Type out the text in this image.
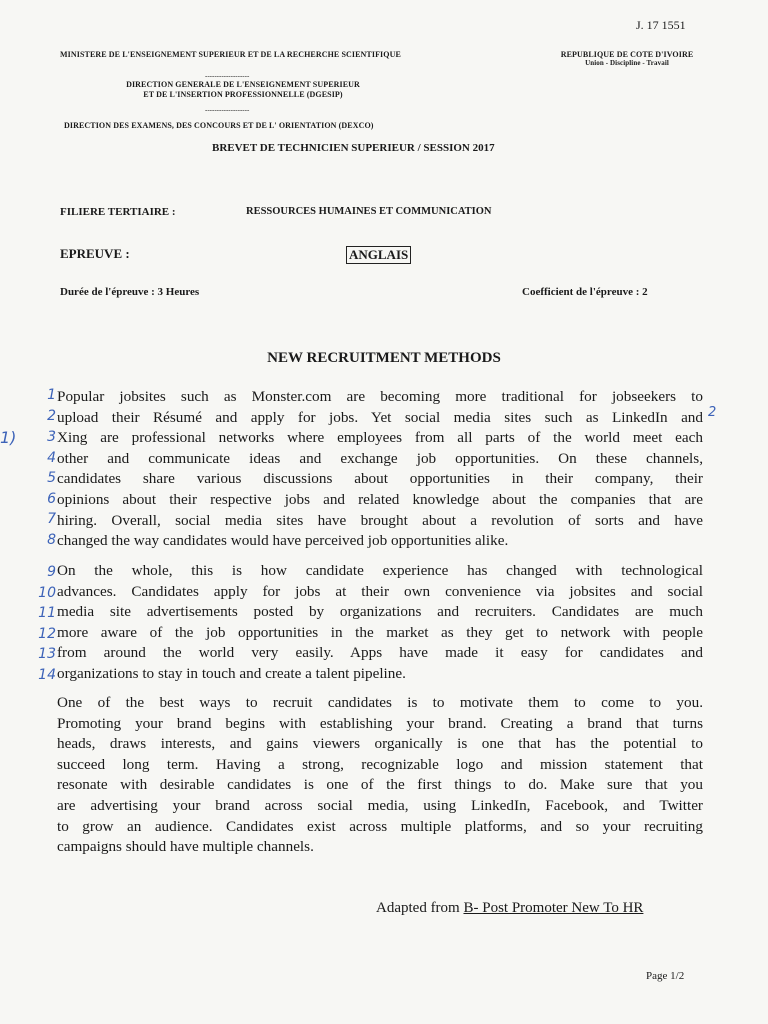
J. 17 1551
MINISTERE DE L'ENSEIGNEMENT SUPERIEUR ET DE LA RECHERCHE SCIENTIFIQUE	REPUBLIQUE DE COTE D'IVOIRE
Union - Discipline - Travail
-------------------
DIRECTION GENERALE DE L'ENSEIGNEMENT SUPERIEUR
ET DE L'INSERTION PROFESSIONNELLE (DGESIP)
-------------------
DIRECTION DES EXAMENS, DES CONCOURS ET DE L' ORIENTATION (DEXCO)
BREVET DE TECHNICIEN SUPERIEUR / SESSION 2017
FILIERE TERTIAIRE :	RESSOURCES HUMAINES ET COMMUNICATION
EPREUVE :	ANGLAIS
Durée de l'épreuve : 3 Heures	Coefficient de l'épreuve : 2
NEW RECRUITMENT METHODS
1)
2
1
2
3
4
5
6
7
8
9
10
11
12
13
14
Popular jobsites such as Monster.com are becoming more traditional for jobseekers to
upload their Résumé and apply for jobs. Yet social media sites such as LinkedIn and
Xing are professional networks where employees from all parts of the world meet each
other and communicate ideas and exchange job opportunities. On these channels,
candidates share various discussions about opportunities in their company, their
opinions about their respective jobs and related knowledge about the companies that are
hiring. Overall, social media sites have brought about a revolution of sorts and have
changed the way candidates would have perceived job opportunities alike.
On the whole, this is how candidate experience has changed with technological
advances. Candidates apply for jobs at their own convenience via jobsites and social
media site advertisements posted by organizations and recruiters. Candidates are much
more aware of the job opportunities in the market as they get to network with people
from around the world very easily. Apps have made it easy for candidates and
organizations to stay in touch and create a talent pipeline.
One of the best ways to recruit candidates is to motivate them to come to you.
Promoting your brand begins with establishing your brand. Creating a brand that turns
heads, draws interests, and gains viewers organically is one that has the potential to
succeed long term. Having a strong, recognizable logo and mission statement that
resonate with desirable candidates is one of the first things to do. Make sure that you
are advertising your brand across social media, using LinkedIn, Facebook, and Twitter
to grow an audience. Candidates exist across multiple platforms, and so your recruiting
campaigns should have multiple channels.
Adapted from B- Post Promoter New To HR
Page 1/2
